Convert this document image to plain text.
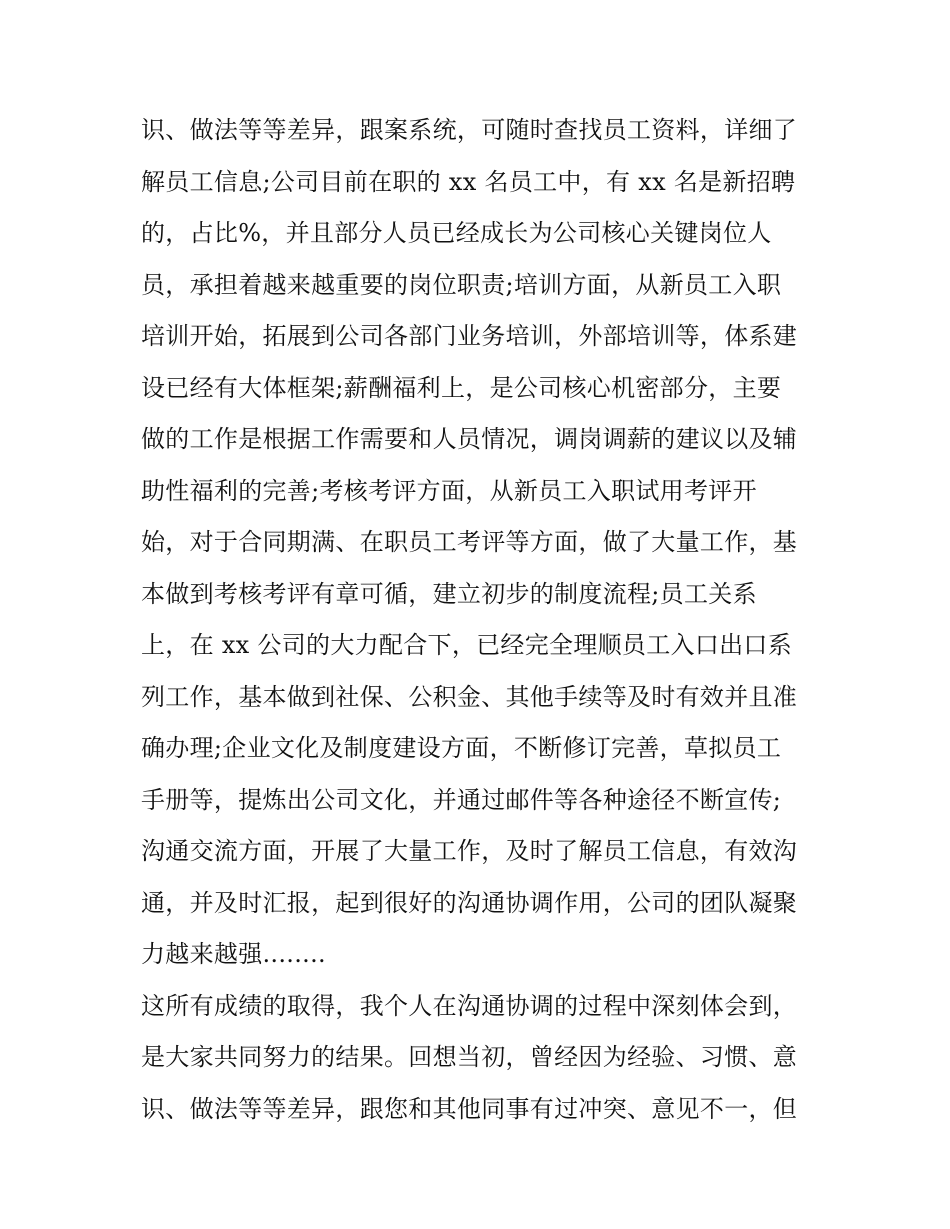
识、做法等等差异，跟案系统，可随时查找员工资料，详细了
解员工信息;公司目前在职的 xx 名员工中，有 xx 名是新招聘
的，占比%，并且部分人员已经成长为公司核心关键岗位人
员，承担着越来越重要的岗位职责;培训方面，从新员工入职
培训开始，拓展到公司各部门业务培训，外部培训等，体系建
设已经有大体框架;薪酬福利上，是公司核心机密部分，主要
做的工作是根据工作需要和人员情况，调岗调薪的建议以及辅
助性福利的完善;考核考评方面，从新员工入职试用考评开
始，对于合同期满、在职员工考评等方面，做了大量工作，基
本做到考核考评有章可循，建立初步的制度流程;员工关系
上，在 xx 公司的大力配合下，已经完全理顺员工入口出口系
列工作，基本做到社保、公积金、其他手续等及时有效并且准
确办理;企业文化及制度建设方面，不断修订完善，草拟员工
手册等，提炼出公司文化，并通过邮件等各种途径不断宣传;
沟通交流方面，开展了大量工作，及时了解员工信息，有效沟
通，并及时汇报，起到很好的沟通协调作用，公司的团队凝聚
力越来越强........
这所有成绩的取得，我个人在沟通协调的过程中深刻体会到，
是大家共同努力的结果。回想当初，曾经因为经验、习惯、意
识、做法等等差异，跟您和其他同事有过冲突、意见不一，但
